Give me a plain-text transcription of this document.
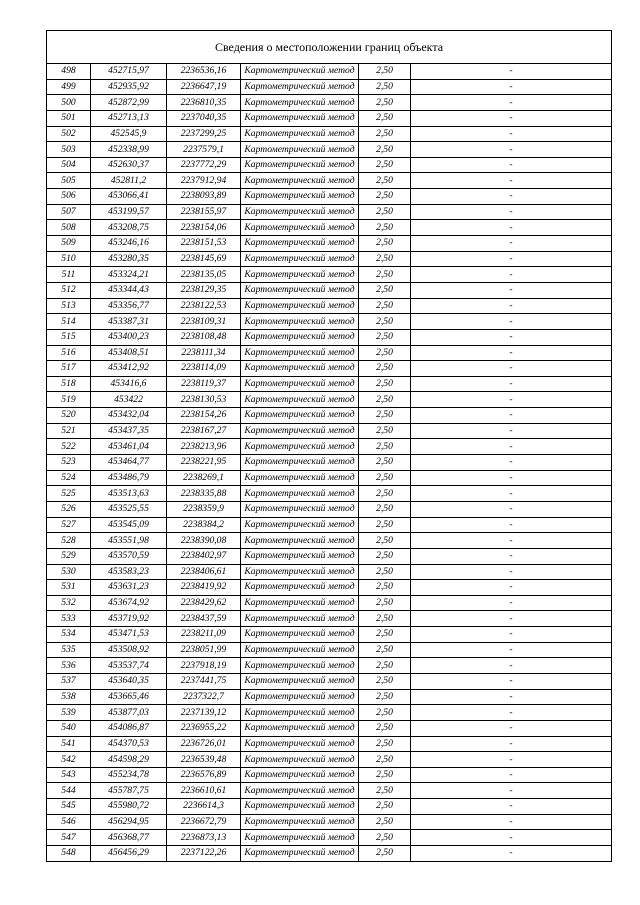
Сведения о местоположении границ объекта					
498	452715,97	2236536,16	Картометрический метод	2,50	-
499	452935,92	2236647,19	Картометрический метод	2,50	-
500	452872,99	2236810,35	Картометрический метод	2,50	-
501	452713,13	2237040,35	Картометрический метод	2,50	-
502	452545,9	2237299,25	Картометрический метод	2,50	-
503	452338,99	2237579,1	Картометрический метод	2,50	-
504	452630,37	2237772,29	Картометрический метод	2,50	-
505	452811,2	2237912,94	Картометрический метод	2,50	-
506	453066,41	2238093,89	Картометрический метод	2,50	-
507	453199,57	2238155,97	Картометрический метод	2,50	-
508	453208,75	2238154,06	Картометрический метод	2,50	-
509	453246,16	2238151,53	Картометрический метод	2,50	-
510	453280,35	2238145,69	Картометрический метод	2,50	-
511	453324,21	2238135,05	Картометрический метод	2,50	-
512	453344,43	2238129,35	Картометрический метод	2,50	-
513	453356,77	2238122,53	Картометрический метод	2,50	-
514	453387,31	2238109,31	Картометрический метод	2,50	-
515	453400,23	2238108,48	Картометрический метод	2,50	-
516	453408,51	2238111,34	Картометрический метод	2,50	-
517	453412,92	2238114,09	Картометрический метод	2,50	-
518	453416,6	2238119,37	Картометрический метод	2,50	-
519	453422	2238130,53	Картометрический метод	2,50	-
520	453432,04	2238154,26	Картометрический метод	2,50	-
521	453437,35	2238167,27	Картометрический метод	2,50	-
522	453461,04	2238213,96	Картометрический метод	2,50	-
523	453464,77	2238221,95	Картометрический метод	2,50	-
524	453486,79	2238269,1	Картометрический метод	2,50	-
525	453513,63	2238335,88	Картометрический метод	2,50	-
526	453525,55	2238359,9	Картометрический метод	2,50	-
527	453545,09	2238384,2	Картометрический метод	2,50	-
528	453551,98	2238390,08	Картометрический метод	2,50	-
529	453570,59	2238402,97	Картометрический метод	2,50	-
530	453583,23	2238406,61	Картометрический метод	2,50	-
531	453631,23	2238419,92	Картометрический метод	2,50	-
532	453674,92	2238429,62	Картометрический метод	2,50	-
533	453719,92	2238437,59	Картометрический метод	2,50	-
534	453471,53	2238211,09	Картометрический метод	2,50	-
535	453508,92	2238051,99	Картометрический метод	2,50	-
536	453537,74	2237918,19	Картометрический метод	2,50	-
537	453640,35	2237441,75	Картометрический метод	2,50	-
538	453665,46	2237322,7	Картометрический метод	2,50	-
539	453877,03	2237139,12	Картометрический метод	2,50	-
540	454086,87	2236955,22	Картометрический метод	2,50	-
541	454370,53	2236726,01	Картометрический метод	2,50	-
542	454598,29	2236539,48	Картометрический метод	2,50	-
543	455234,78	2236576,89	Картометрический метод	2,50	-
544	455787,75	2236610,61	Картометрический метод	2,50	-
545	455980,72	2236614,3	Картометрический метод	2,50	-
546	456294,95	2236672,79	Картометрический метод	2,50	-
547	456368,77	2236873,13	Картометрический метод	2,50	-
548	456456,29	2237122,26	Картометрический метод	2,50	-
